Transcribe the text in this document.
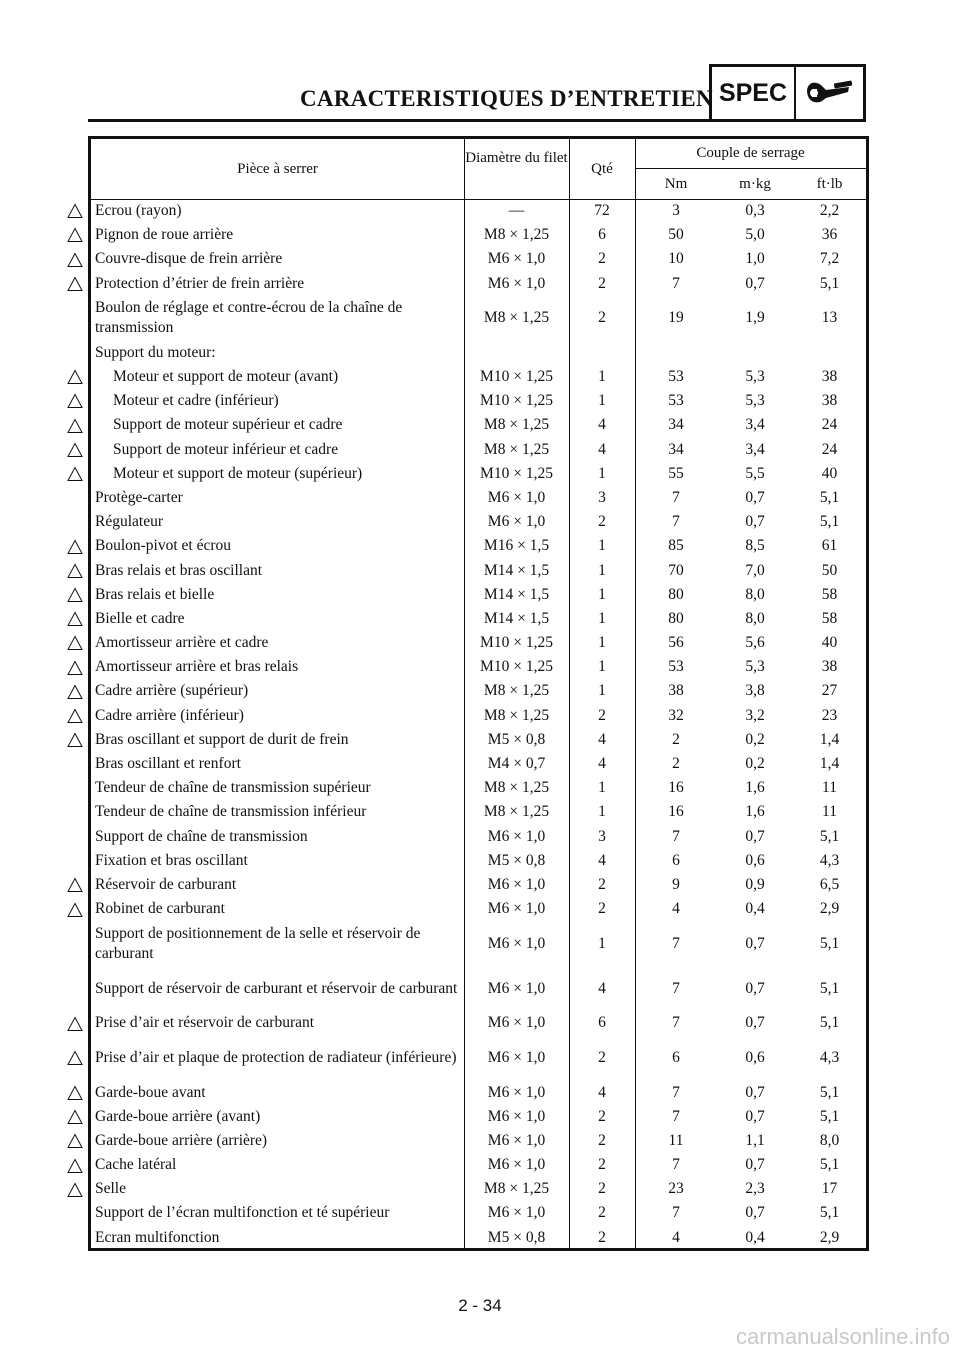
CARACTERISTIQUES D’ENTRETIEN SPEC
Pièce à serrer
Diamètre du filet
Qté
Couple de serrage
Nm	m·kg	ft·lb
Ecrou (rayon)	—	72	3	0,3	2,2
Pignon de roue arrière	M8 × 1,25	6	50	5,0	36
Couvre-disque de frein arrière	M6 × 1,0	2	10	1,0	7,2
Protection d’étrier de frein arrière	M6 × 1,0	2	7	0,7	5,1
Boulon de réglage et contre-écrou de la chaîne de transmission
M8 × 1,25	2	19	1,9	13
Support du moteur:
Moteur et support de moteur (avant)	M10 × 1,25	1	53	5,3	38
Moteur et cadre (inférieur)	M10 × 1,25	1	53	5,3	38
Support de moteur supérieur et cadre	M8 × 1,25	4	34	3,4	24
Support de moteur inférieur et cadre	M8 × 1,25	4	34	3,4	24
Moteur et support de moteur (supérieur)	M10 × 1,25	1	55	5,5	40
Protège-carter	M6 × 1,0	3	7	0,7	5,1
Régulateur	M6 × 1,0	2	7	0,7	5,1
Boulon-pivot et écrou	M16 × 1,5	1	85	8,5	61
Bras relais et bras oscillant	M14 × 1,5	1	70	7,0	50
Bras relais et bielle	M14 × 1,5	1	80	8,0	58
Bielle et cadre	M14 × 1,5	1	80	8,0	58
Amortisseur arrière et cadre	M10 × 1,25	1	56	5,6	40
Amortisseur arrière et bras relais	M10 × 1,25	1	53	5,3	38
Cadre arrière (supérieur)	M8 × 1,25	1	38	3,8	27
Cadre arrière (inférieur)	M8 × 1,25	2	32	3,2	23
Bras oscillant et support de durit de frein	M5 × 0,8	4	2	0,2	1,4
Bras oscillant et renfort	M4 × 0,7	4	2	0,2	1,4
Tendeur de chaîne de transmission supérieur	M8 × 1,25	1	16	1,6	11
Tendeur de chaîne de transmission inférieur	M8 × 1,25	1	16	1,6	11
Support de chaîne de transmission	M6 × 1,0	3	7	0,7	5,1
Fixation et bras oscillant	M5 × 0,8	4	6	0,6	4,3
Réservoir de carburant	M6 × 1,0	2	9	0,9	6,5
Robinet de carburant	M6 × 1,0	2	4	0,4	2,9
Support de positionnement de la selle et réservoir de carburant
M6 × 1,0	1	7	0,7	5,1
Support de réservoir de carburant et réservoir de carburant	M6 × 1,0	4	7	0,7	5,1
Prise d’air et réservoir de carburant	M6 × 1,0	6	7	0,7	5,1
Prise d’air et plaque de protection de radiateur (inférieure)	M6 × 1,0	2	6	0,6	4,3
Garde-boue avant	M6 × 1,0	4	7	0,7	5,1
Garde-boue arrière (avant)	M6 × 1,0	2	7	0,7	5,1
Garde-boue arrière (arrière)	M6 × 1,0	2	11	1,1	8,0
Cache latéral	M6 × 1,0	2	7	0,7	5,1
Selle	M8 × 1,25	2	23	2,3	17
Support de l’écran multifonction et té supérieur	M6 × 1,0	2	7	0,7	5,1
Ecran multifonction	M5 × 0,8	2	4	0,4	2,9
2 - 34
carmanualsonline.info
